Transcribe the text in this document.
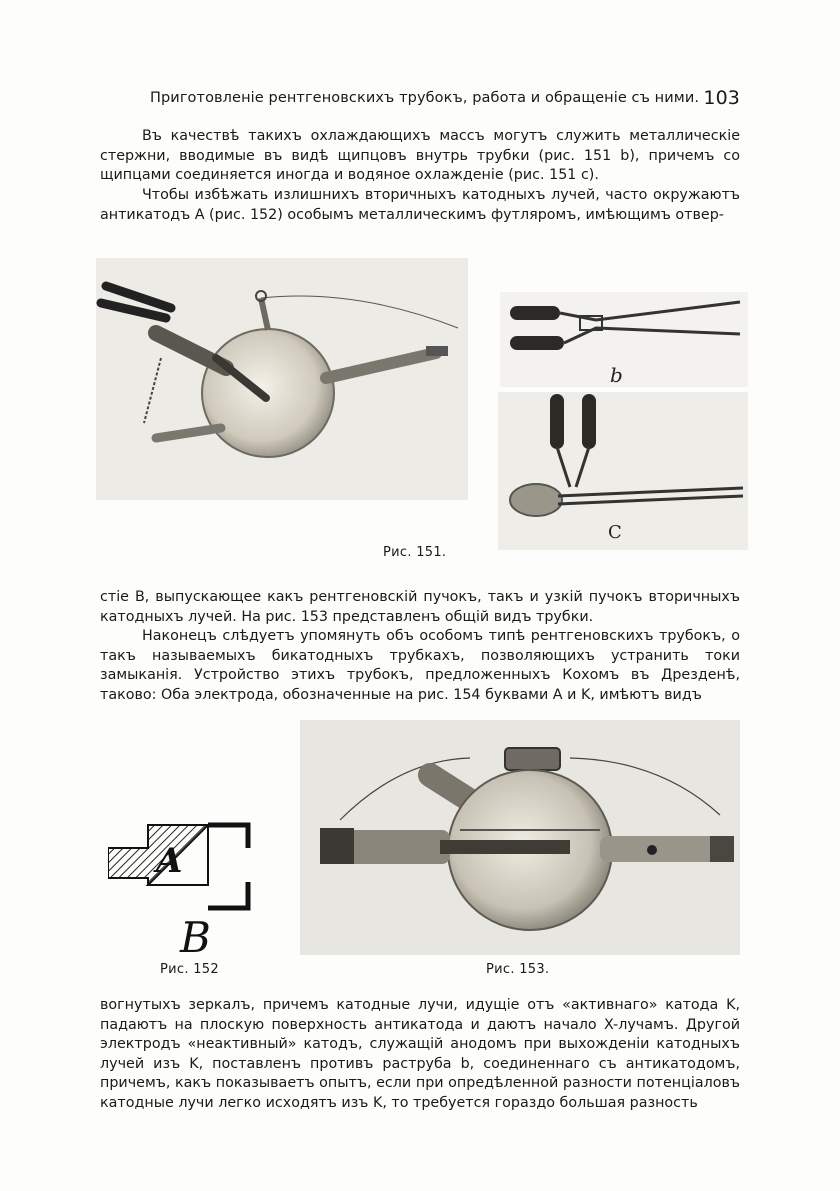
Приготовленіе рентгеновскихъ трубокъ, работа и обращеніе съ ними. 103

Въ качествѣ такихъ охлаждающихъ массъ могутъ служить металлическіе стержни, вводимые въ видѣ щипцовъ внутрь трубки (рис. 151 b), причемъ со щипцами соединяется иногда и водяное охлажденіе (рис. 151 c).

Чтобы избѣжать излишнихъ вторичныхъ катодныхъ лучей, часто окружаютъ антикатодъ A (рис. 152) особымъ металлическимъ футляромъ, имѣющимъ отвер-

b
C
Рис. 151.

стіе B, выпускающее какъ рентгеновскій пучокъ, такъ и узкій пучокъ вторичныхъ катодныхъ лучей. На рис. 153 представленъ общій видъ трубки.

Наконецъ слѣдуетъ упомянуть объ особомъ типѣ рентгеновскихъ трубокъ, о такъ называемыхъ бикатодныхъ трубкахъ, позволяющихъ устранить токи замыканія. Устройство этихъ трубокъ, предложенныхъ Кохомъ въ Дрезденѣ, таково: Оба электрода, обозначенные на рис. 154 буквами A и K, имѣютъ видъ

A
B
Рис. 152	Рис. 153.

вогнутыхъ зеркалъ, причемъ катодные лучи, идущіе отъ «активнаго» катода K, падаютъ на плоскую поверхность антикатода и даютъ начало X-лучамъ. Другой электродъ «неактивный» катодъ, служащій анодомъ при выхожденіи катодныхъ лучей изъ K, поставленъ противъ раструба b, соединеннаго съ антикатодомъ, причемъ, какъ показываетъ опытъ, если при опредѣленной разности потенціаловъ катодные лучи легко исходятъ изъ K, то требуется гораздо большая разность
